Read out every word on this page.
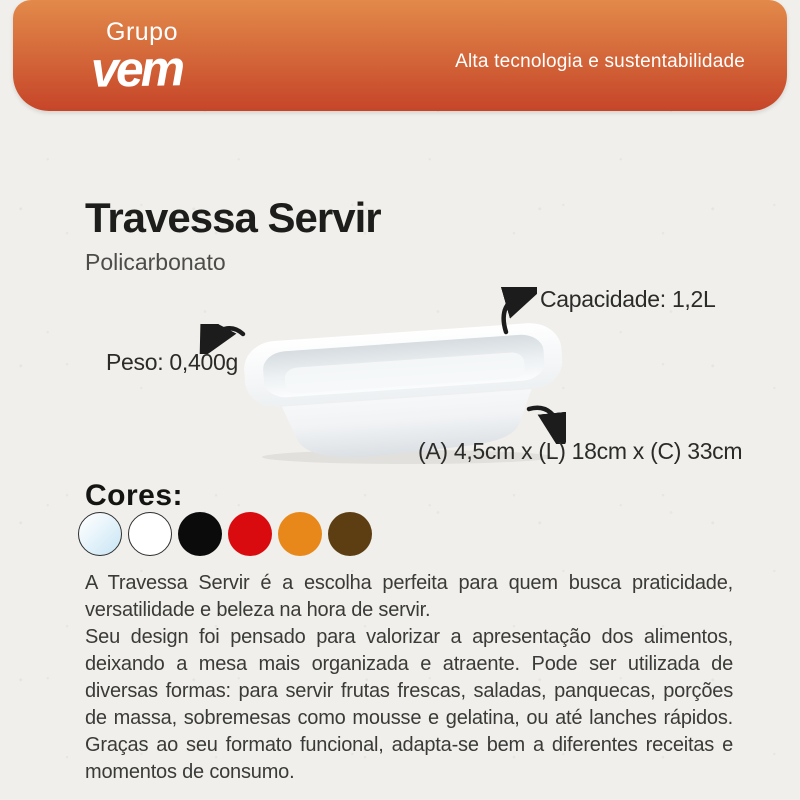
Grupo
vem	Alta tecnologia e sustentabilidade
Travessa Servir
Policarbonato
Capacidade: 1,2L
Peso: 0,400g
(A) 4,5cm x (L) 18cm x (C) 33cm
Cores:

A Travessa Servir é a escolha perfeita para quem busca praticidade, versatilidade e beleza na hora de servir.

Seu design foi pensado para valorizar a apresentação dos alimentos, deixando a mesa mais organizada e atraente. Pode ser utilizada de diversas formas: para servir frutas frescas, saladas, panquecas, porções de massa, sobremesas como mousse e gelatina, ou até lanches rápidos. Graças ao seu formato funcional, adapta-se bem a diferentes receitas e momentos de consumo.
